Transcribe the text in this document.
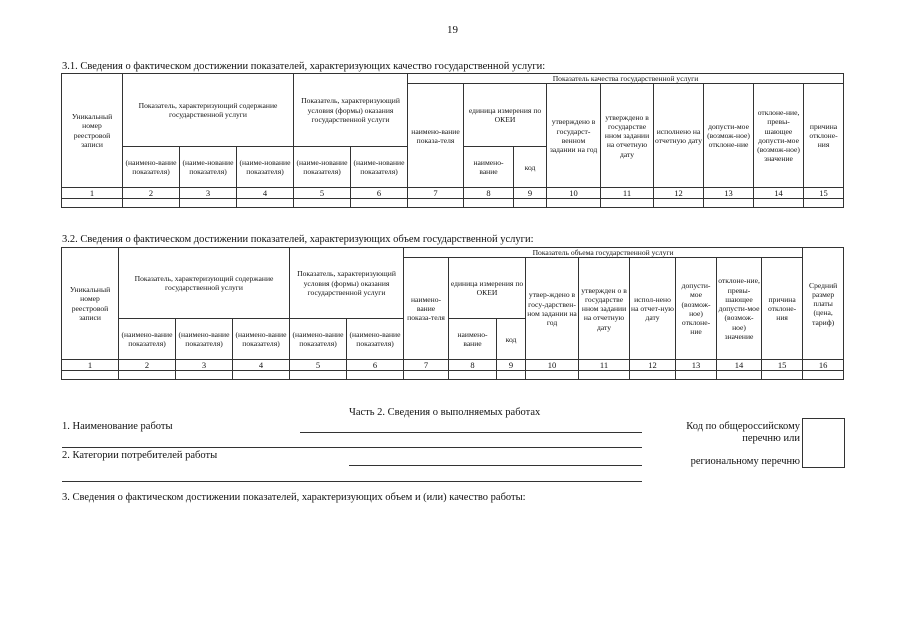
19
3.1. Сведения о фактическом достижении показателей, характеризующих качество государственной услуги:
Уникальный номер реестровой записи	Показатель, характеризующий содержание государственной услуги			Показатель, характеризующий условия (формы) оказания государственной услуги		Показатель качества государственной услуги								
						наимено-вание показа-теля	единица измерения по ОКЕИ		утверждено в государст-венном задании на год	утверждено в государстве нном задании на отчетную дату	исполнено на отчетную дату	допусти-мое (возмож-ное) отклоне-ние	отклоне-ние, превы-шающее допусти-мое (возмож-ное) значение	причина отклоне-ния
	(наимено-вание показателя)	(наиме-нование показателя)	(наиме-нование показателя)	(наиме-нование показателя)	(наиме-нование показателя)		наимено-вание	код						
1	2	3	4	5	6	7	8	9	10	11	12	13	14	15

3.2. Сведения о фактическом достижении показателей, характеризующих объем государственной услуги:
Уникальный номер реестровой записи	Показатель, характеризующий содержание государственной услуги			Показатель, характеризующий условия (формы) оказания государственной услуги		Показатель объема государственной услуги									Средний размер платы (цена, тариф)
						наимено-вание показа-теля	единица измерения по ОКЕИ		утвер-ждено в госу-дарствен-ном задании на год	утвержден о в государстве нном задании на отчетную дату	испол-нено на отчет-ную дату	допусти-мое (возмож-ное) отклоне-ние	отклоне-ние, превы-шающее допусти-мое (возмож-ное) значение	причина отклоне-ния	
	(наимено-вание показателя)	(наимено-вание показателя)	(наимено-вание показателя)	(наимено-вание показателя)	(наимено-вание показателя)		наимено-вание	код							
1	2	3	4	5	6	7	8	9	10	11	12	13	14	15	16

Часть 2. Сведения о выполняемых работах
1. Наименование работы
2. Категории потребителей работы
Код по общероссийскому
перечню или
региональному перечню
3. Сведения о фактическом достижении показателей, характеризующих объем и (или) качество работы:
